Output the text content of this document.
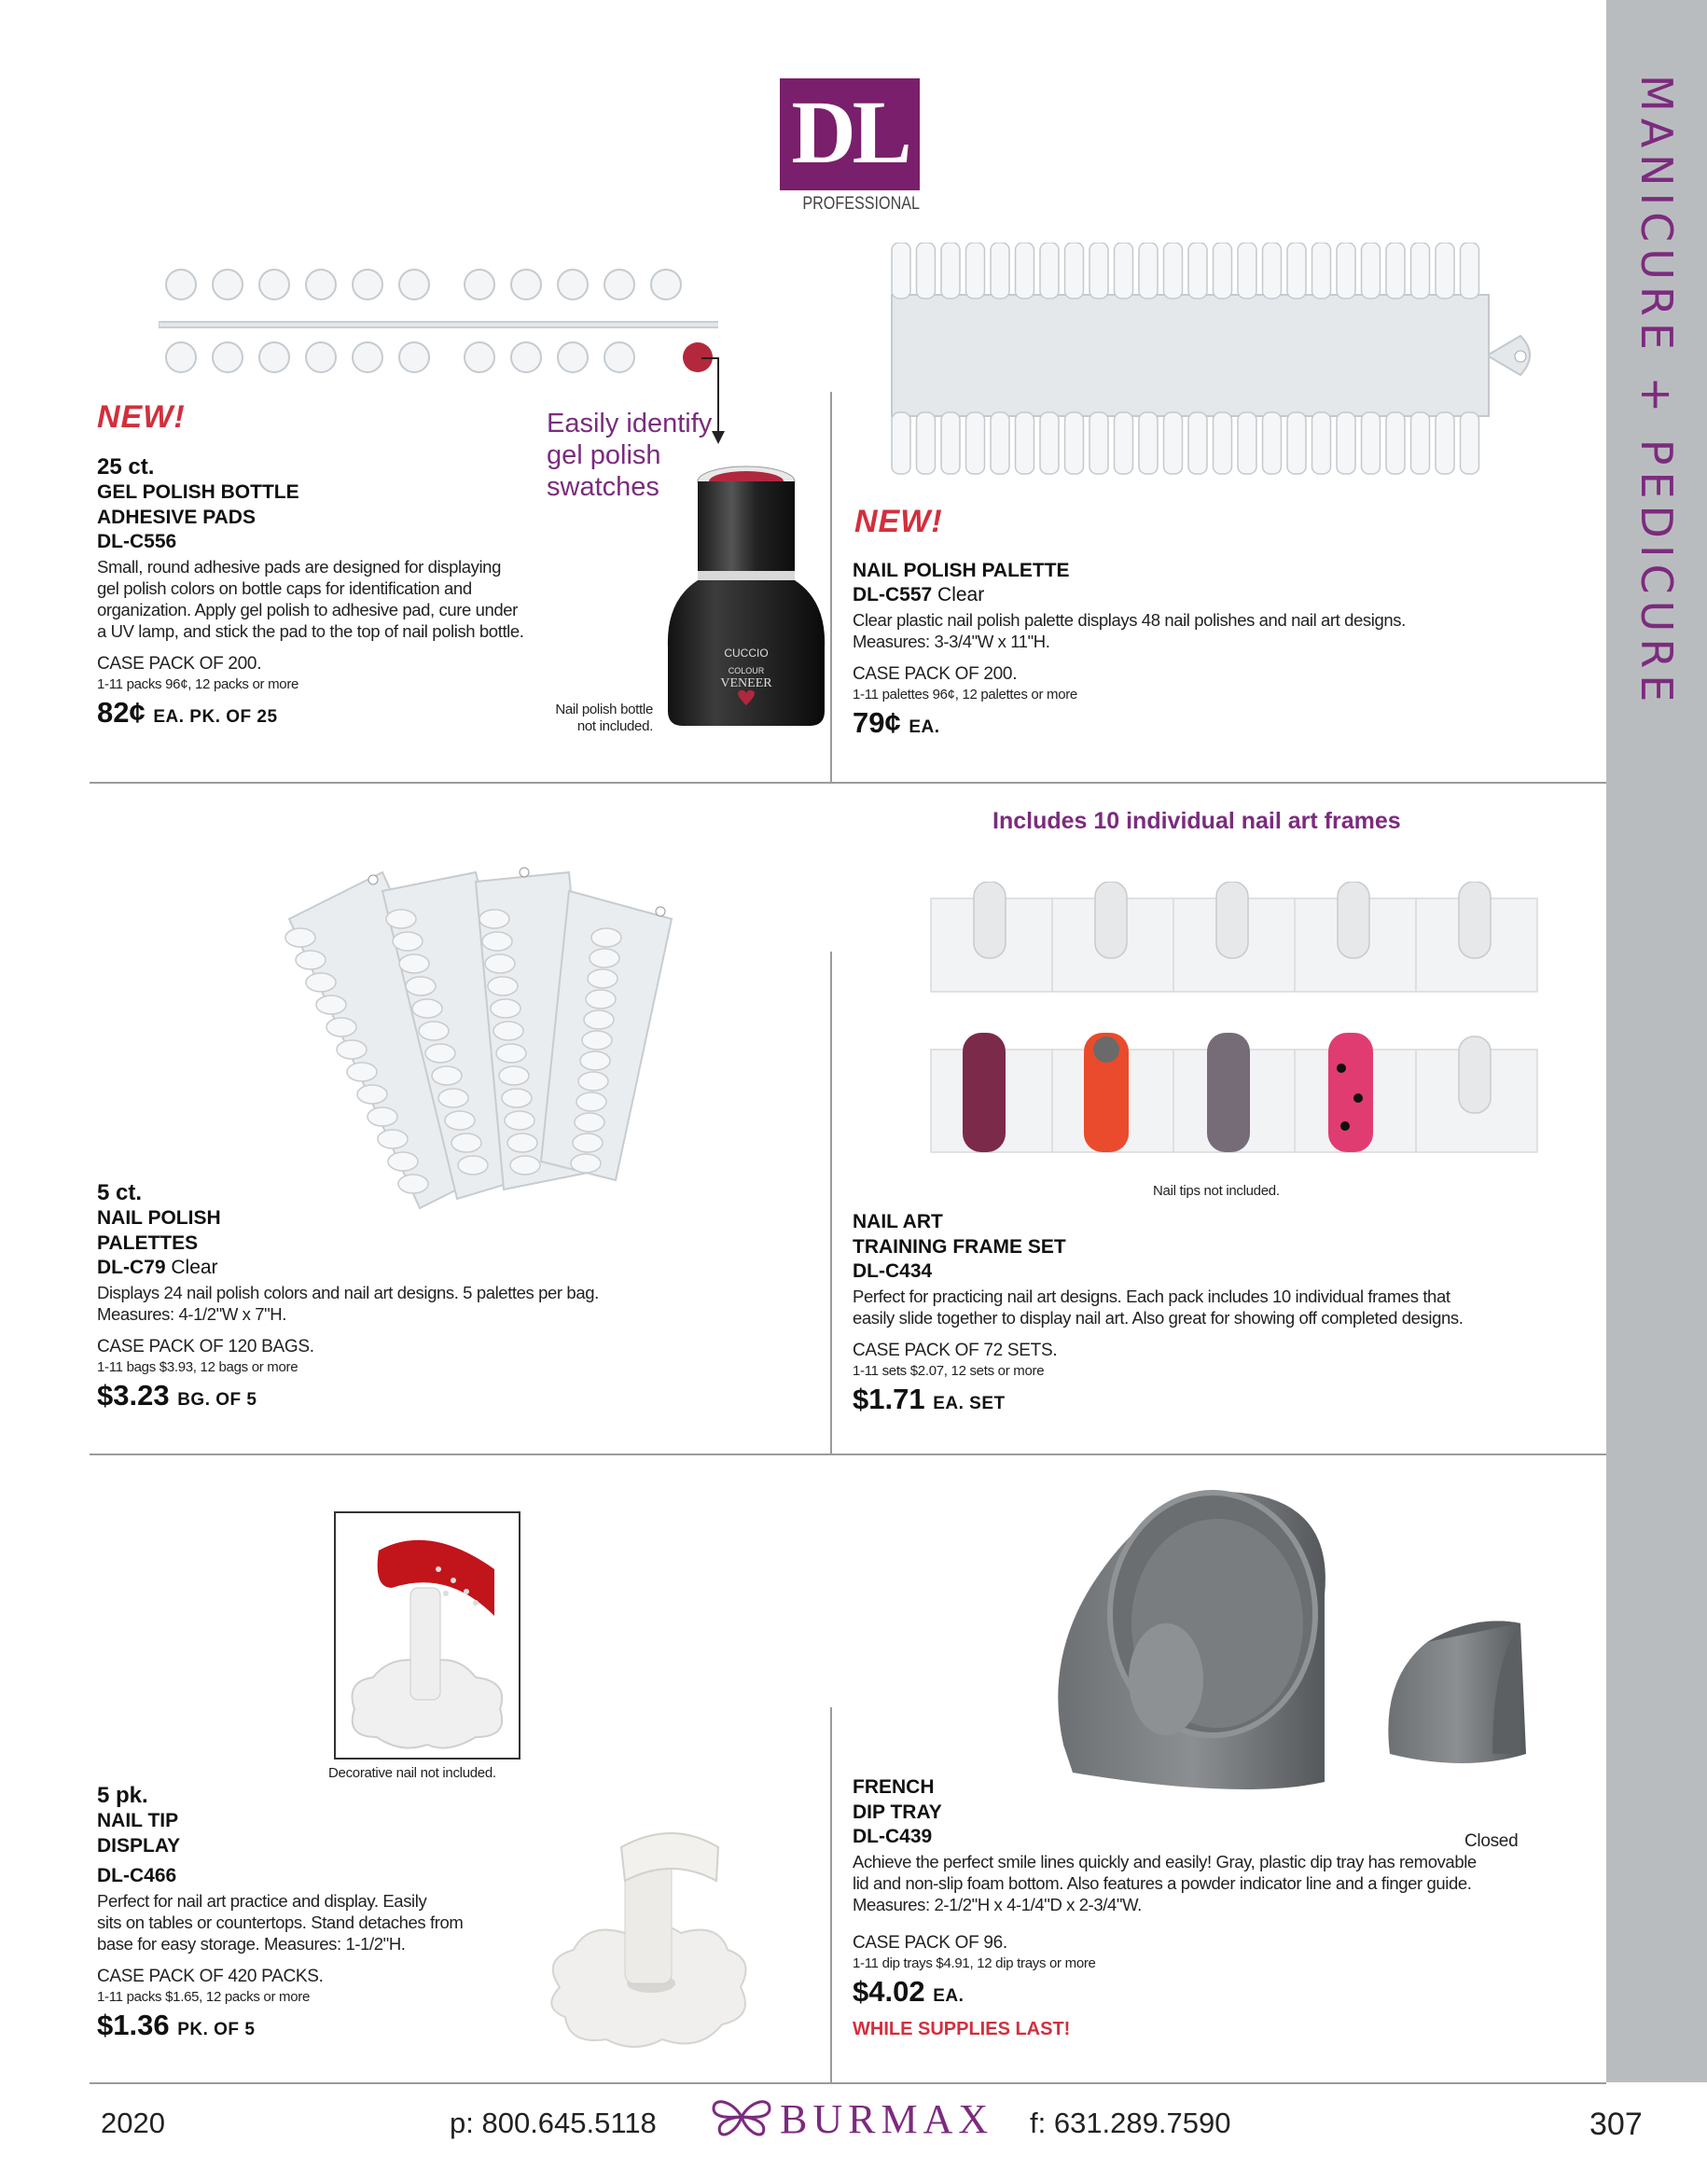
MANICURE + PEDICURE
DL
PROFESSIONAL
NEW!	Easily identify
gel polish
swatches
CUCCIO
COLOUR
VENEER
25 ct.
GEL POLISH BOTTLE
ADHESIVE PADS
DL-C556
Small, round adhesive pads are designed for displaying
gel polish colors on bottle caps for identification and
organization. Apply gel polish to adhesive pad, cure under
a UV lamp, and stick the pad to the top of nail polish bottle.
CASE PACK OF 200.
1-11 packs 96¢, 12 packs or more
82¢ EA. PK. OF 25	Nail polish bottle
not included.
NEW!
NAIL POLISH PALETTE
DL-C557 Clear
Clear plastic nail polish palette displays 48 nail polishes and nail art designs.
Measures: 3-3/4"W x 11"H.
CASE PACK OF 200.
1-11 palettes 96¢, 12 palettes or more
79¢ EA.
5 ct.
NAIL POLISH
PALETTES
DL-C79 Clear
Displays 24 nail polish colors and nail art designs. 5 palettes per bag.
Measures: 4-1/2"W x 7"H.
CASE PACK OF 120 BAGS.
1-11 bags $3.93, 12 bags or more
$3.23 BG. OF 5
Includes 10 individual nail art frames
Nail tips not included.
NAIL ART
TRAINING FRAME SET
DL-C434
Perfect for practicing nail art designs. Each pack includes 10 individual frames that
easily slide together to display nail art. Also great for showing off completed designs.
CASE PACK OF 72 SETS.
1-11 sets $2.07, 12 sets or more
$1.71 EA. SET
Decorative nail not included.
5 pk.
NAIL TIP
DISPLAY
DL-C466
Perfect for nail art practice and display. Easily
sits on tables or countertops. Stand detaches from
base for easy storage. Measures: 1-1/2"H.
CASE PACK OF 420 PACKS.
1-11 packs $1.65, 12 packs or more
$1.36 PK. OF 5
Closed
FRENCH
DIP TRAY
DL-C439
Achieve the perfect smile lines quickly and easily! Gray, plastic dip tray has removable
lid and non-slip foam bottom. Also features a powder indicator line and a finger guide.
Measures: 2-1/2"H x 4-1/4"D x 2-3/4"W.
CASE PACK OF 96.
1-11 dip trays $4.91, 12 dip trays or more
$4.02 EA.
WHILE SUPPLIES LAST!
2020	p: 800.645.5118	BURMAX f: 631.289.7590	307
